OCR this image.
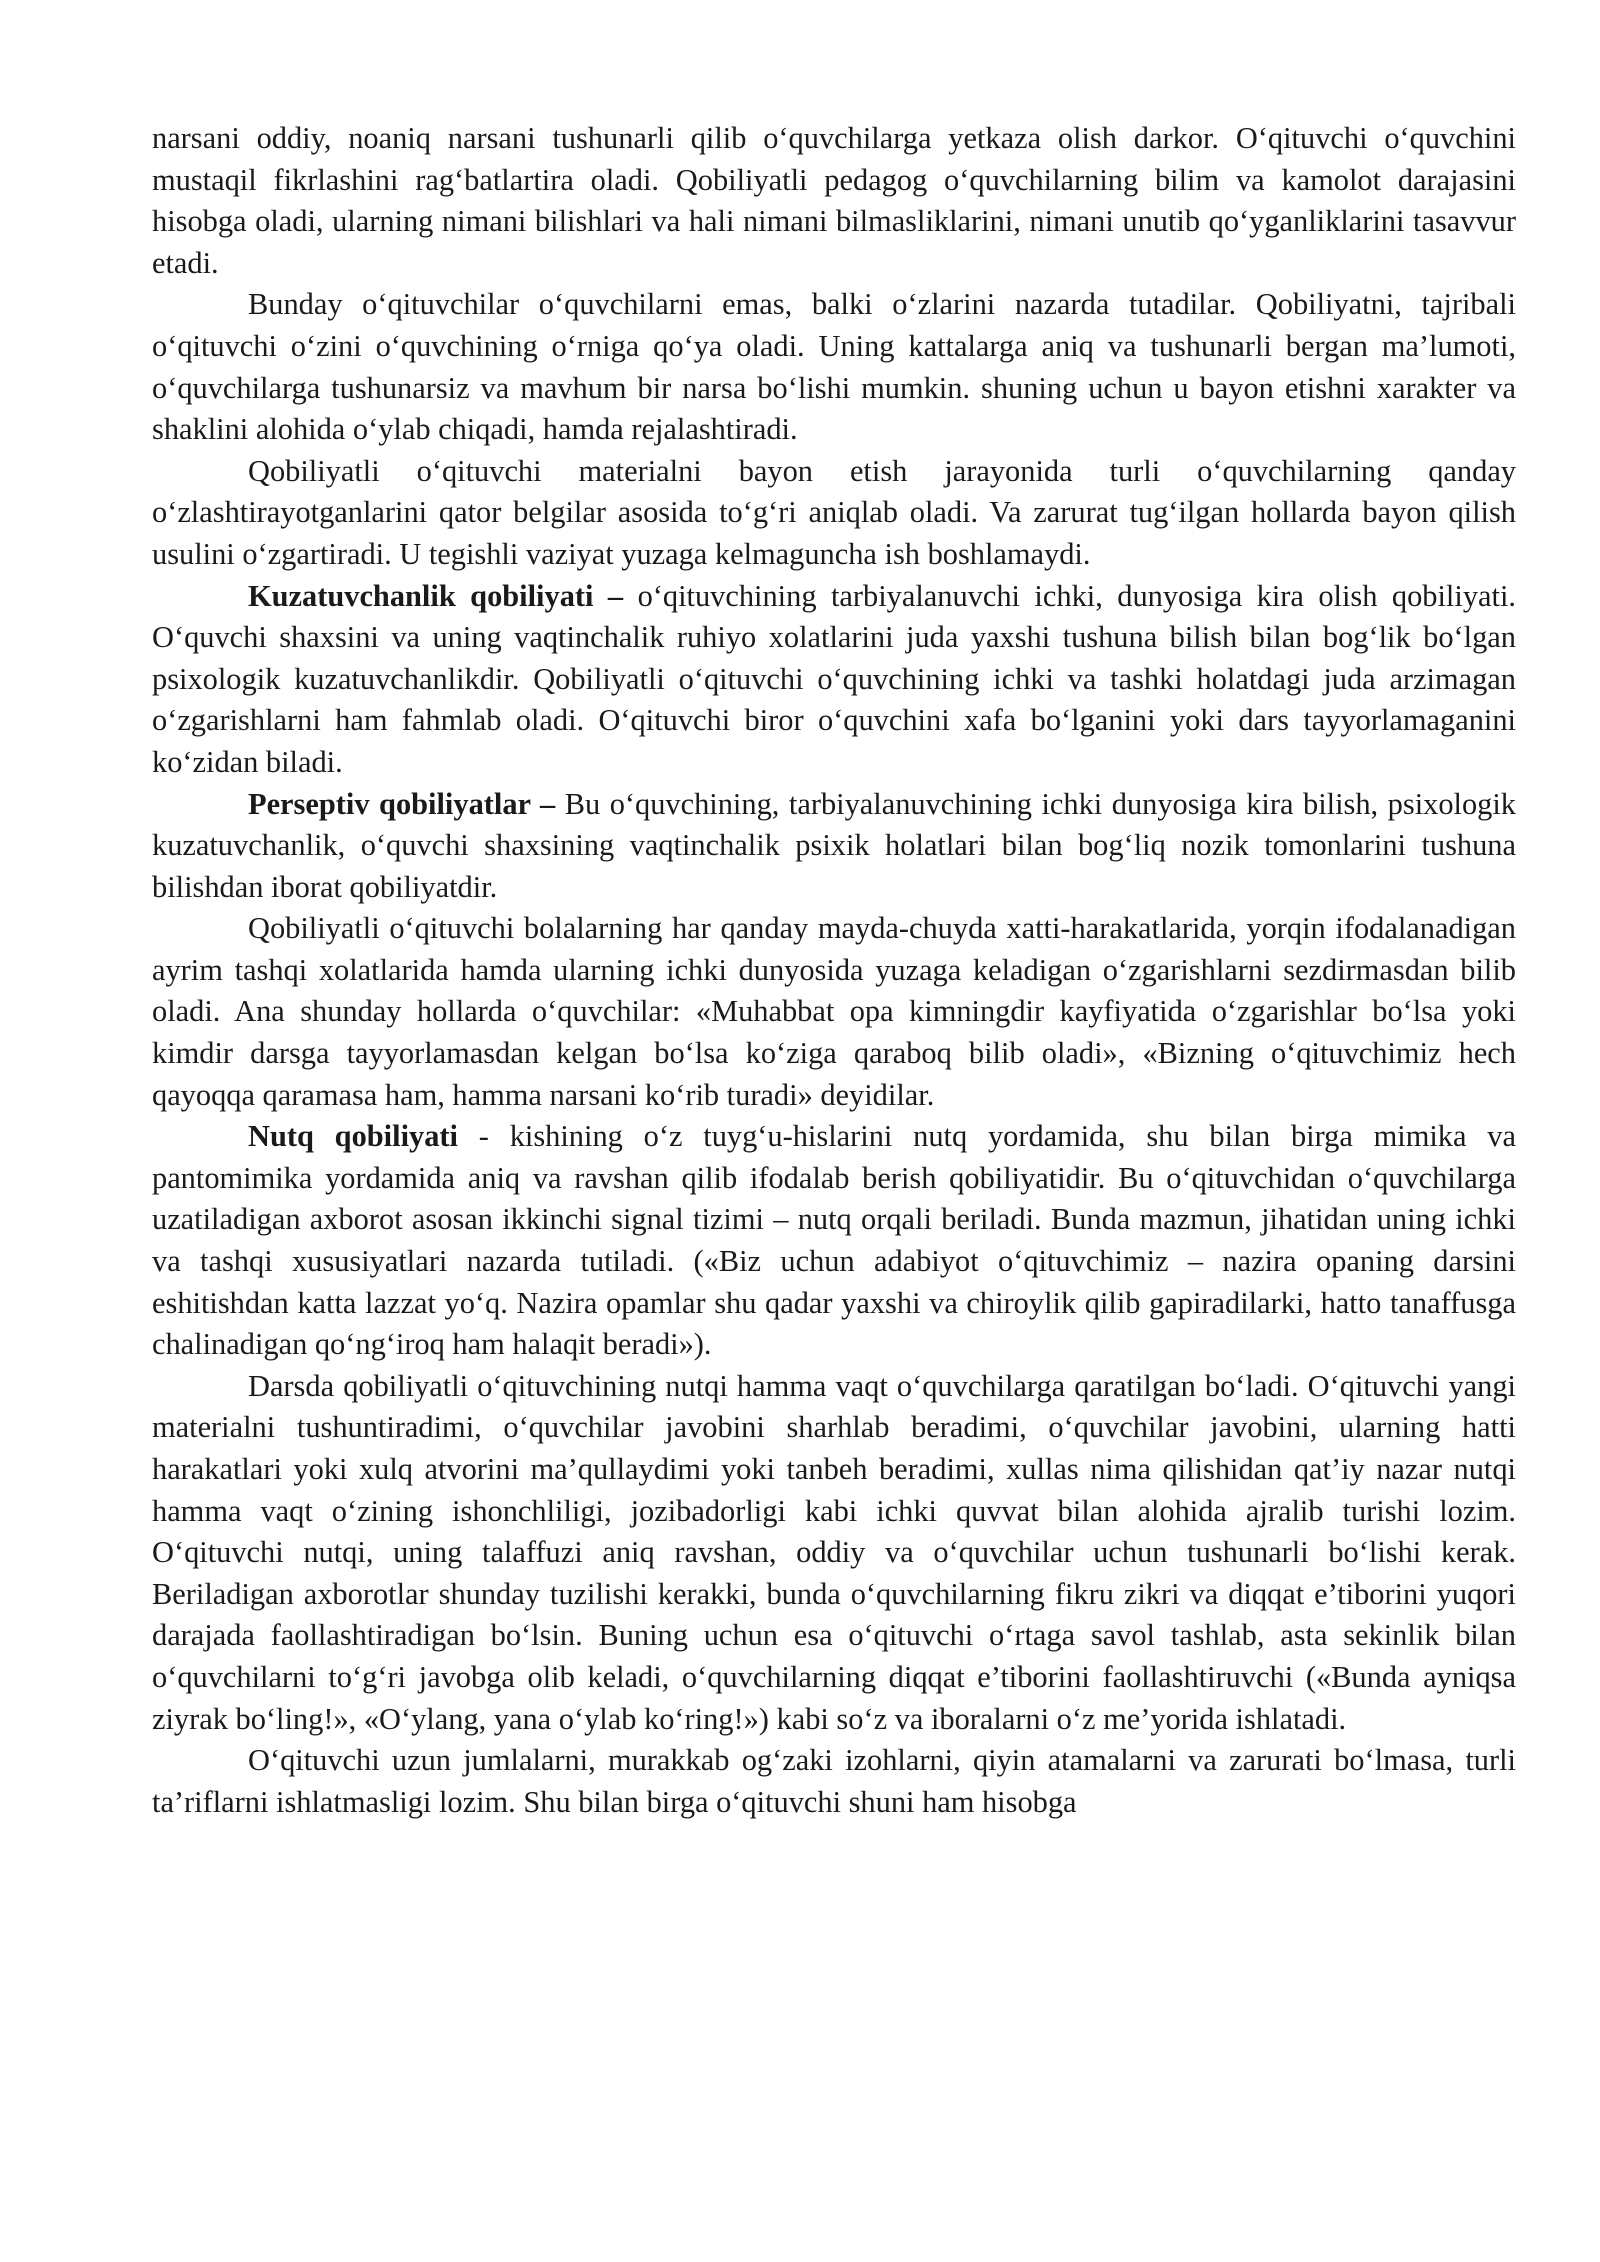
narsani oddiy, noaniq narsani tushunarli qilib o‘quvchilarga yetkaza olish darkor. O‘qituvchi o‘quvchini mustaqil fikrlashini rag‘batlartira oladi. Qobiliyatli pedagog o‘quvchilarning bilim va kamolot darajasini hisobga oladi, ularning nimani bilishlari va hali nimani bilmasliklarini, nimani unutib qo‘yganliklarini tasavvur etadi.

Bunday o‘qituvchilar o‘quvchilarni emas, balki o‘zlarini nazarda tutadilar. Qobiliyatni, tajribali o‘qituvchi o‘zini o‘quvchining o‘rniga qo‘ya oladi. Uning kattalarga aniq va tushunarli bergan ma’lumoti, o‘quvchilarga tushunarsiz va mavhum bir narsa bo‘lishi mumkin. shuning uchun u bayon etishni xarakter va shaklini alohida o‘ylab chiqadi, hamda rejalashtiradi.

Qobiliyatli o‘qituvchi materialni bayon etish jarayonida turli o‘quvchilarning qanday o‘zlashtirayotganlarini qator belgilar asosida to‘g‘ri aniqlab oladi. Va zarurat tug‘ilgan hollarda bayon qilish usulini o‘zgartiradi. U tegishli vaziyat yuzaga kelmaguncha ish boshlamaydi.

Kuzatuvchanlik qobiliyati – o‘qituvchining tarbiyalanuvchi ichki, dunyosiga kira olish qobiliyati. O‘quvchi shaxsini va uning vaqtinchalik ruhiyo xolatlarini juda yaxshi tushuna bilish bilan bog‘lik bo‘lgan psixologik kuzatuvchanlikdir. Qobiliyatli o‘qituvchi o‘quvchining ichki va tashki holatdagi juda arzimagan o‘zgarishlarni ham fahmlab oladi. O‘qituvchi biror o‘quvchini xafa bo‘lganini yoki dars tayyorlamaganini ko‘zidan biladi.

Perseptiv qobiliyatlar – Bu o‘quvchining, tarbiyalanuvchining ichki dunyosiga kira bilish, psixologik kuzatuvchanlik, o‘quvchi shaxsining vaqtinchalik psixik holatlari bilan bog‘liq nozik tomonlarini tushuna bilishdan iborat qobiliyatdir.

Qobiliyatli o‘qituvchi bolalarning har qanday mayda-chuyda xatti-harakatlarida, yorqin ifodalanadigan ayrim tashqi xolatlarida hamda ularning ichki dunyosida yuzaga keladigan o‘zgarishlarni sezdirmasdan bilib oladi. Ana shunday hollarda o‘quvchilar: «Muhabbat opa kimningdir kayfiyatida o‘zgarishlar bo‘lsa yoki kimdir darsga tayyorlamasdan kelgan bo‘lsa ko‘ziga qaraboq bilib oladi», «Bizning o‘qituvchimiz hech qayoqqa qaramasa ham, hamma narsani ko‘rib turadi» deyidilar.

Nutq qobiliyati - kishining o‘z tuyg‘u-hislarini nutq yordamida, shu bilan birga mimika va pantomimika yordamida aniq va ravshan qilib ifodalab berish qobiliyatidir. Bu o‘qituvchidan o‘quvchilarga uzatiladigan axborot asosan ikkinchi signal tizimi – nutq orqali beriladi. Bunda mazmun, jihatidan uning ichki va tashqi xususiyatlari nazarda tutiladi. («Biz uchun adabiyot o‘qituvchimiz – nazira opaning darsini eshitishdan katta lazzat yo‘q. Nazira opamlar shu qadar yaxshi va chiroylik qilib gapiradilarki, hatto tanaffusga chalinadigan qo‘ng‘iroq ham halaqit beradi»).

Darsda qobiliyatli o‘qituvchining nutqi hamma vaqt o‘quvchilarga qaratilgan bo‘ladi. O‘qituvchi yangi materialni tushuntiradimi, o‘quvchilar javobini sharhlab beradimi, o‘quvchilar javobini, ularning hatti harakatlari yoki xulq atvorini ma’qullaydimi yoki tanbeh beradimi, xullas nima qilishidan qat’iy nazar nutqi hamma vaqt o‘zining ishonchliligi, jozibadorligi kabi ichki quvvat bilan alohida ajralib turishi lozim. O‘qituvchi nutqi, uning talaffuzi aniq ravshan, oddiy va o‘quvchilar uchun tushunarli bo‘lishi kerak. Beriladigan axborotlar shunday tuzilishi kerakki, bunda o‘quvchilarning fikru zikri va diqqat e’tiborini yuqori darajada faollashtiradigan bo‘lsin. Buning uchun esa o‘qituvchi o‘rtaga savol tashlab, asta sekinlik bilan o‘quvchilarni to‘g‘ri javobga olib keladi, o‘quvchilarning diqqat e’tiborini faollashtiruvchi («Bunda ayniqsa ziyrak bo‘ling!», «O‘ylang, yana o‘ylab ko‘ring!») kabi so‘z va iboralarni o‘z me’yorida ishlatadi.

O‘qituvchi uzun jumlalarni, murakkab og‘zaki izohlarni, qiyin atamalarni va zarurati bo‘lmasa, turli ta’riflarni ishlatmasligi lozim. Shu bilan birga o‘qituvchi shuni ham hisobga
